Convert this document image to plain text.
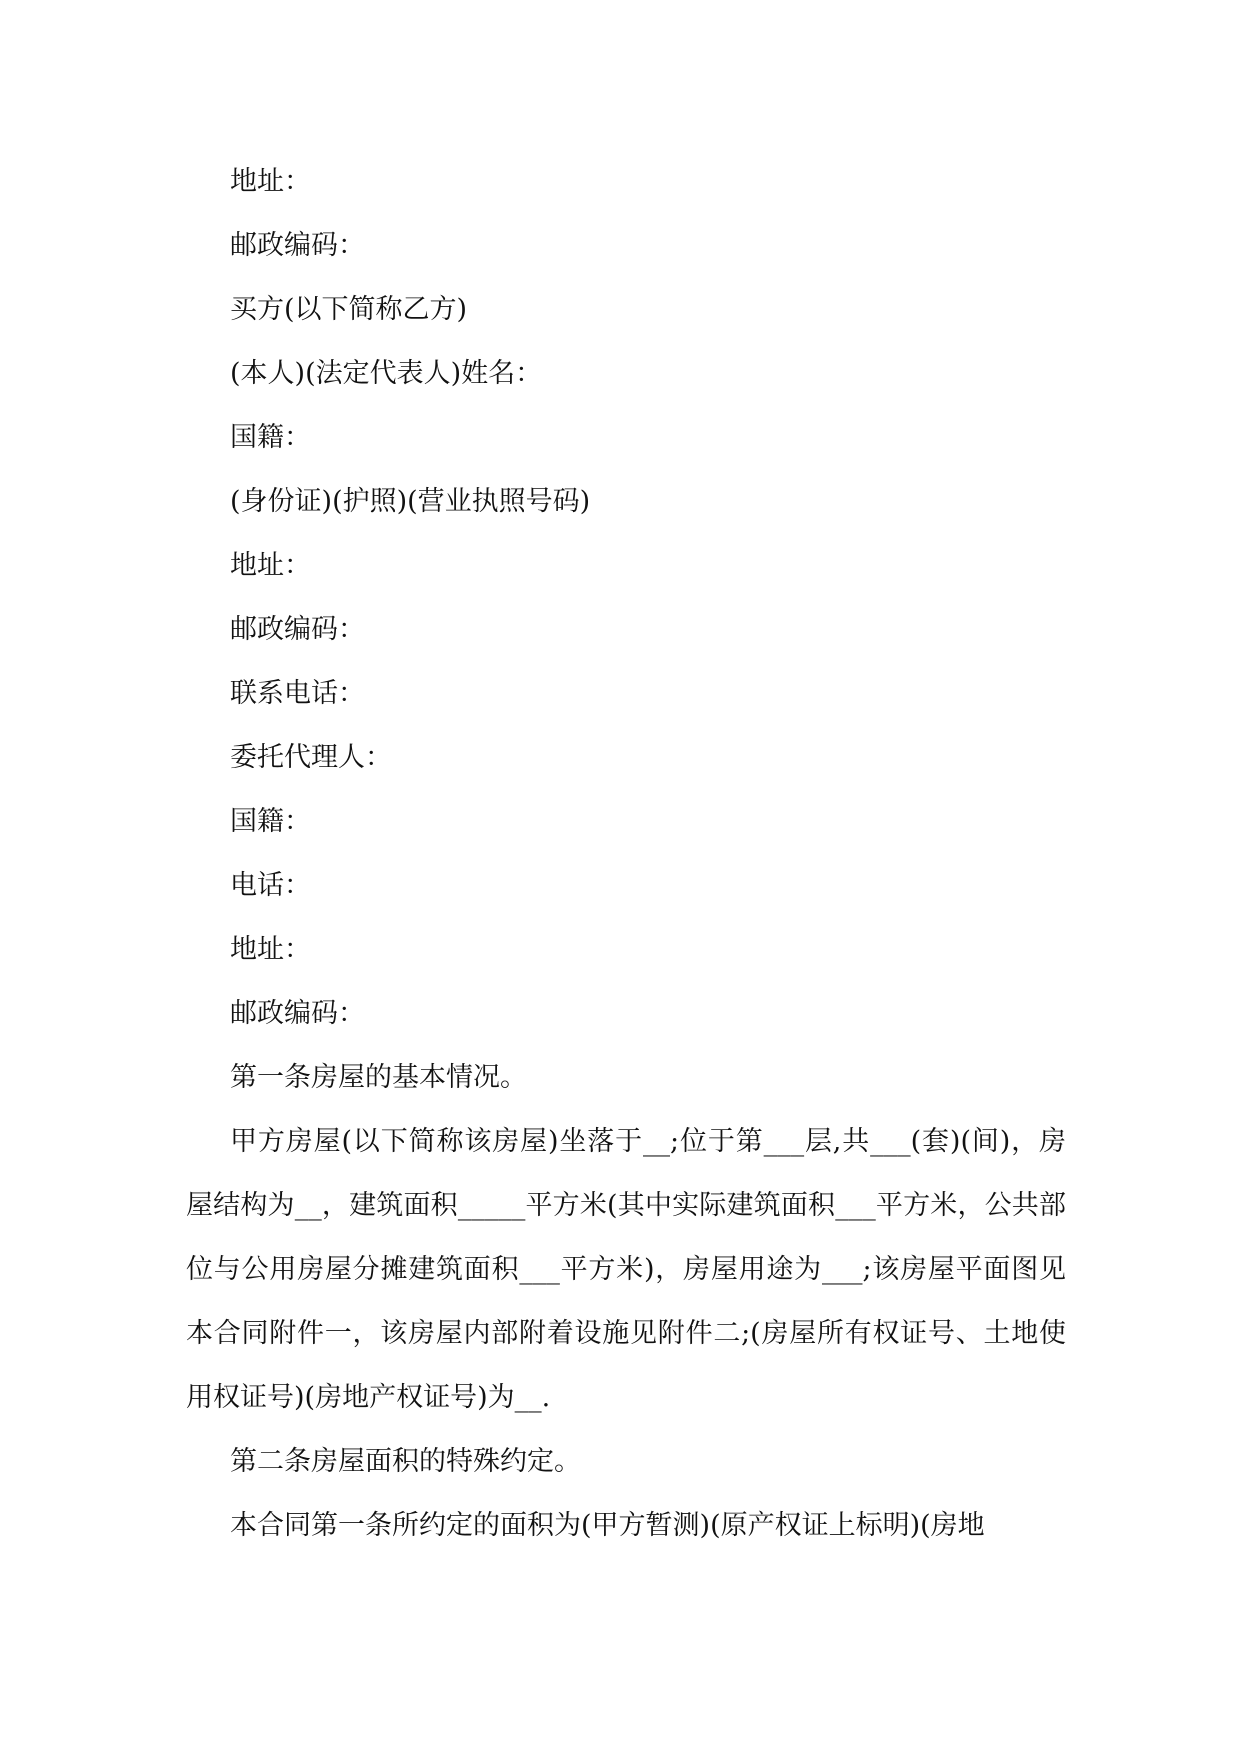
地址：
邮政编码：
买方(以下简称乙方)
(本人)(法定代表人)姓名：
国籍：
(身份证)(护照)(营业执照号码)
地址：
邮政编码：
联系电话：
委托代理人：
国籍：
电话：
地址：
邮政编码：
第一条房屋的基本情况。

甲方房屋(以下简称该房屋)坐落于__;位于第___层,共___(套)(间)，房屋结构为__，建筑面积_____平方米(其中实际建筑面积___平方米，公共部位与公用房屋分摊建筑面积___平方米)，房屋用途为___;该房屋平面图见本合同附件一，该房屋内部附着设施见附件二;(房屋所有权证号、土地使用权证号)(房地产权证号)为__.

第二条房屋面积的特殊约定。

本合同第一条所约定的面积为(甲方暂测)(原产权证上标明)(房地
